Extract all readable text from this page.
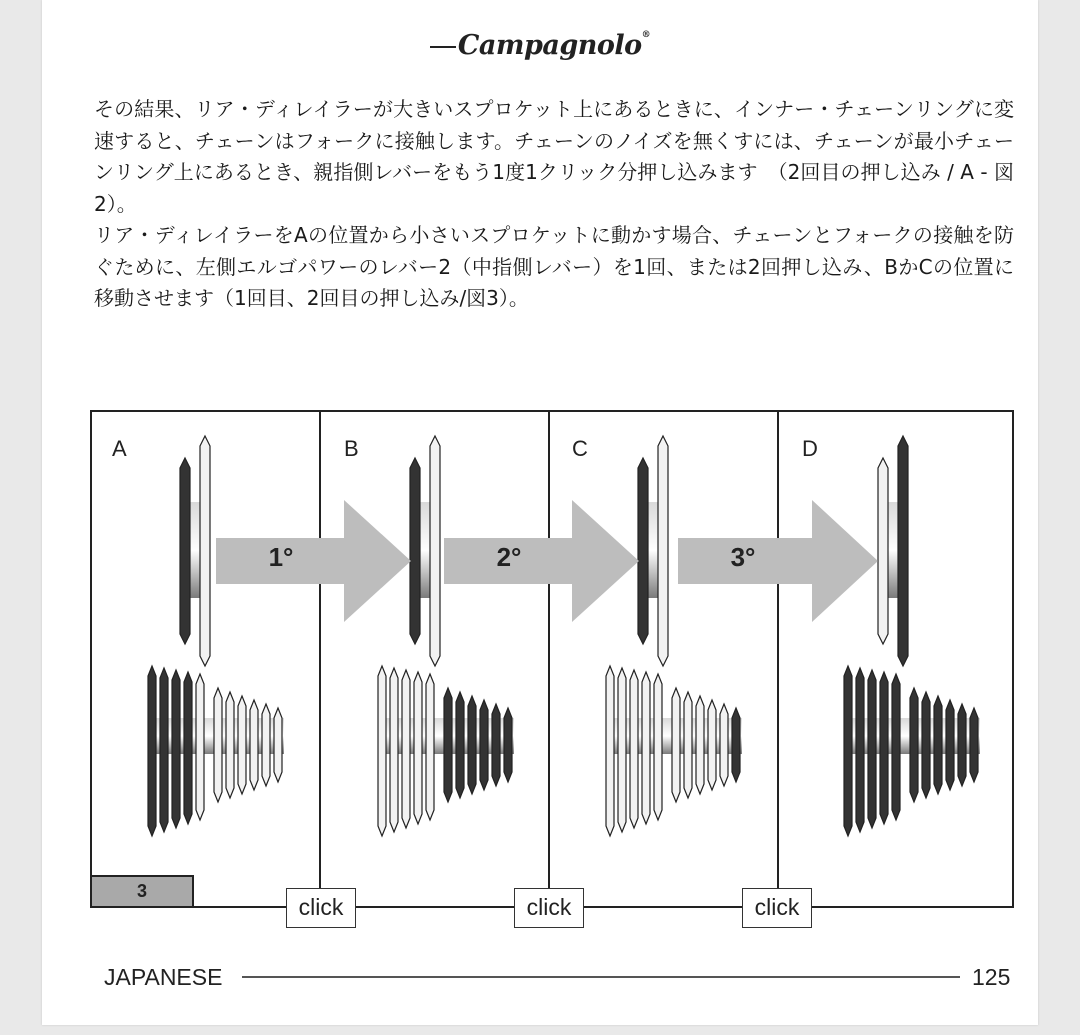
Campagnolo®

その結果、リア・ディレイラーが大きいスプロケット上にあるときに、インナー・チェーンリングに変速すると、チェーンはフォークに接触します。チェーンのノイズを無くすには、チェーンが最小チェーンリング上にあるとき、親指側レバーをもう1度1クリック分押し込みます　（2回目の押し込み / A - 図2）。

リア・ディレイラーをAの位置から小さいスプロケットに動かす場合、チェーンとフォークの接触を防ぐために、左側エルゴパワーのレバー2（中指側レバー）を1回、または2回押し込み、BかCの位置に移動させます（1回目、2回目の押し込み/図3）。

A	B	C	D
1°	2°	3°
3
click	click	click
JAPANESE	125
